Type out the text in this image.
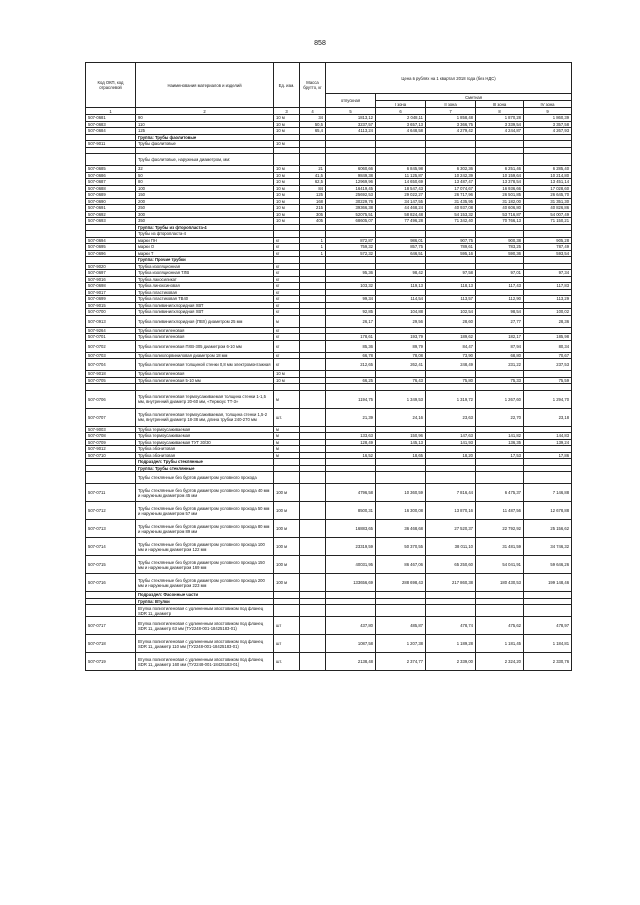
858
Код ОКП, код отраслевой	Наименования материалов и изделий	Ед. изм.	Масса брутто, кг	Цена в рублях на 1 квартал 2018 года (без НДС)				
				отпускная	Сметная			
					I зона	II зона	III зона	IV зона
1	2	3	4	5	6	7	8	9
507-0681	90	10 м	34	1813,12	2 048,11	1 858,48	1 870,28	1 860,39
507-0683	110	10 м	50,5	3237,57	3 657,13	3 366,75	3 339,54	3 357,58
507-0684	125	10 м	65,4	4113,24	4 648,58	4 279,42	4 244,87	4 267,93
	Группа: Трубы фаолитовые							
507-9011	Трубы фаолитовые	10 м						

	Трубы фаолитовые, наружным диаметром, мм:							
507-0685	32	10 м	21	6060,66	6 845,98	6 302,36	6 251,46	6 285,40
507-0686	50	10 м	41,5	9849,38	11 125,87	10 242,39	10 159,64	10 214,80
507-0687	80	10 м	62,5	12969,96	14 650,69	13 487,47	13 378,54	13 451,14
507-0688	100	10 м	84	16419,45	18 547,43	17 074,67	16 936,66	17 028,60
507-0689	150	10 м	125	25692,53	29 022,27	26 717,96	26 501,85	26 645,70
507-0690	200	10 м	168	30229,76	34 147,55	31 435,95	31 182,00	31 351,30
507-0691	250	10 м	215	39366,38	44 468,24	40 937,08	40 606,80	40 826,86
507-0692	300	10 м	305	52075,51	58 824,48	54 153,32	53 716,87	54 007,49
507-0693	350	10 м	405	68605,07	77 496,28	71 342,40	70 766,13	71 150,21
	Группа: Трубы из фторопласта-4							
	Трубы из фторопласта-4							
507-0694	марки ПН	кг	1	872,87	986,01	907,75	900,38	905,28
507-0695	марки О	кг	1	759,32	857,75	789,61	783,25	787,49
507-0696	марки Т	кг	1	572,32	646,51	595,16	590,36	593,54
	Группа: Прочие трубки							
507-9020	Трубка изоляционная	кг						
507-0697	Трубка изоляционная ТЛВ	кг		95,36	98,42	97,58	97,01	97,34
507-9016	Трубка лакосиликат	кг						
507-0698	Трубка линоксиновая	кг		103,32	119,13	118,13	117,43	117,83
507-9017	Трубка пластиковая	кг						
507-0699	Трубка пластиковая ТВ40	кг		99,34	114,54	113,57	112,90	113,29
507-9015	Трубка поливинилхлоридная ХВТ	кг						
507-0700	Трубка поливинилхлоридная ХВТ	кг		92,85	104,88	102,54	98,54	100,02
507-0913	Трубка поливинилхлоридная (ПВХ) диаметром 25 мм	м		26,17	29,56	28,60	27,77	28,36
507-9264	Трубка полиэтиленовая	кг						
507-0701	Трубка полиэтиленовая	кг		178,61	193,79	189,62	182,17	185,98
507-0702	Трубка полиэтиленовая ПХВ-305 диаметром 6-10 мм	кг		85,36	89,79	84,47	87,94	80,34
507-0703	Трубка полихлорвиниловая диаметром 18 мм	кг		66,78	78,08	73,90	68,80	70,67
507-0704	Трубка полиэтиленовая толщиной стенки 0,8 мм электромонтажная	кг		212,65	262,41	248,49	231,22	237,53
507-9018	Трубка полиэтиленовая	10 м						
507-0705	Трубка полиэтиленовая 5-10 мм	10 м		66,25	76,43	75,80	75,33	75,59

507-0706	Трубка полиэтиленовая термоусаживаемая толщина стенки 1-1,5 мм, внутренний диаметр 20-60 мм, «Термоyc ТТ-3»	м		1194,75	1 349,53	1 319,72	1 267,60	1 294,70
507-0707	Трубка полиэтиленовая термоусаживаемая, толщина стенки 1,5-2 мм, внутренний диаметр 18-38 мм, длина трубки 240-270 мм	шт.		21,39	24,16	23,63	22,70	23,18
507-9003	Трубка термоусаживаемая	м						
507-0708	Трубка термоусаживаемая	м		133,63	150,96	147,63	141,82	144,83
507-0709	Трубка термоусаживаемая ТУТ 30/30	м		128,49	145,13	141,93	136,35	139,24
507-9012	Трубка эбонитовая	м						
507-0710	Трубка эбонитовая	м		16,52	18,65	18,20	17,53	17,86
	Подраздел: Трубы стеклянные							
	Группа: Трубы стеклянные							
	Трубы стеклянные без буртов диаметром условного прохода							
507-0711	Трубы стеклянные без буртов диаметром условного прохода 40 мм и наружным диаметром 45 мм	100 м		4796,58	10 360,59	7 816,44	6 475,37	7 146,88
507-0712	Трубы стеклянные без буртов диаметром условного прохода 50 мм и наружным диаметром 57 мм	100 м		8500,31	16 300,08	13 870,16	11 487,56	12 678,88
507-0713	Трубы стеклянные без буртов диаметром условного прохода 80 мм и наружным диаметром 89 мм	100 м		16883,65	36 468,68	27 520,37	22 792,92	25 156,62
507-0714	Трубы стеклянные без буртов диаметром условного прохода 100 мм и наружным диаметром 122 мм	100 м		23319,59	50 370,55	38 011,10	31 481,59	34 746,32
507-0715	Трубы стеклянные без буртов диаметром условного прохода 150 мм и наружным диаметром 169 мм	100 м		40031,95	86 467,06	65 250,60	54 041,91	59 646,26
507-0716	Трубы стеклянные без буртов диаметром условного прохода 200 мм и наружным диаметром 223 мм	100 м		133656,69	288 698,43	217 860,38	180 430,53	199 148,46
	Подраздел: Фасонные части							
	Группа: Втулки							
	Втулка полиэтиленовая с удлиненным хвостовиком под фланец SDR 11, диаметр							
507-0717	Втулка полиэтиленовая с удлиненным хвостовиком под фланец SDR 11, диаметр 63 мм (ТУ2248-001-18425183-01)	шт		437,80	485,87	478,74	475,62	478,97
507-0718	Втулка полиэтиленовая с удлиненным хвостовиком под фланец SDR 11, диаметр 110 мм (ТУ2248-001-18425183-01)	шт		1087,58	1 207,38	1 189,28	1 181,45	1 184,81
507-0719	Втулка полиэтиленовая с удлиненным хвостовиком под фланец SDR 11, диаметр 160 мм (ТУ2248-001-18425183-01)	шт.		2138,48	2 374,77	2 339,00	2 324,20	2 330,76
